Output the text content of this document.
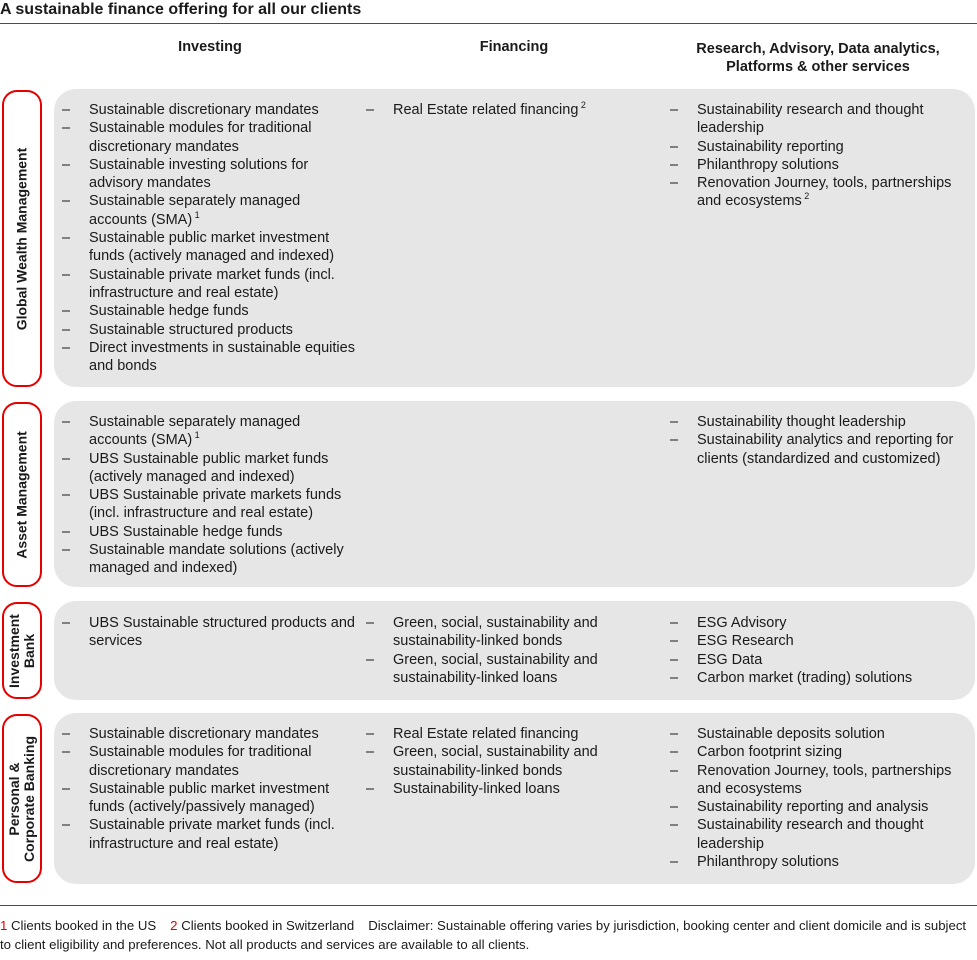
A sustainable finance offering for all our clients
Investing	Financing	Research, Advisory, Data analytics, Platforms & other services
Global Wealth Management
– Sustainable discretionary mandates
– Sustainable modules for traditional discretionary mandates
– Sustainable investing solutions for advisory mandates
– Sustainable separately managed accounts (SMA) $^1$
– Sustainable public market investment funds (actively managed and indexed)
– Sustainable private market funds (incl. infrastructure and real estate)
– Sustainable hedge funds
– Sustainable structured products
– Direct investments in sustainable equities and bonds
– Real Estate related financing $^2$
–	Sustainability research and thought leadership
– Sustainability reporting
– Philanthropy solutions
– Renovation Journey, tools, partnerships and ecosystems $^2$
Asset Management
– Sustainable separately managed accounts (SMA) $^1$
– UBS Sustainable public market funds (actively managed and indexed)
– UBS Sustainable private markets funds (incl. infrastructure and real estate)
– UBS Sustainable hedge funds
– Sustainable mandate solutions (actively managed and indexed)
– Sustainability thought leadership
– Sustainability analytics and reporting for clients (standardized and customized)
Investment Bank
– UBS Sustainable structured products and services
– Green, social, sustainability and sustainability-linked bonds
– Green, social, sustainability and sustainability-linked loans
– ESG Advisory
– ESG Research
– ESG Data
– Carbon market (trading) solutions
Personal & Corporate Banking
– Sustainable discretionary mandates
– Sustainable modules for traditional discretionary mandates
– Sustainable public market investment funds (actively/passively managed)
– Sustainable private market funds (incl. infrastructure and real estate)
– Real Estate related financing
– Green, social, sustainability and sustainability-linked bonds
– Sustainability-linked loans
– Sustainable deposits solution
– Carbon footprint sizing
– Renovation Journey, tools, partnerships and ecosystems
– Sustainability reporting and analysis
– Sustainability research and thought leadership
– Philanthropy solutions
1 Clients booked in the US 2 Clients booked in Switzerland Disclaimer: Sustainable offering varies by jurisdiction, booking center and client domicile and is subject to client eligibility and preferences. Not all products and services are available to all clients.
